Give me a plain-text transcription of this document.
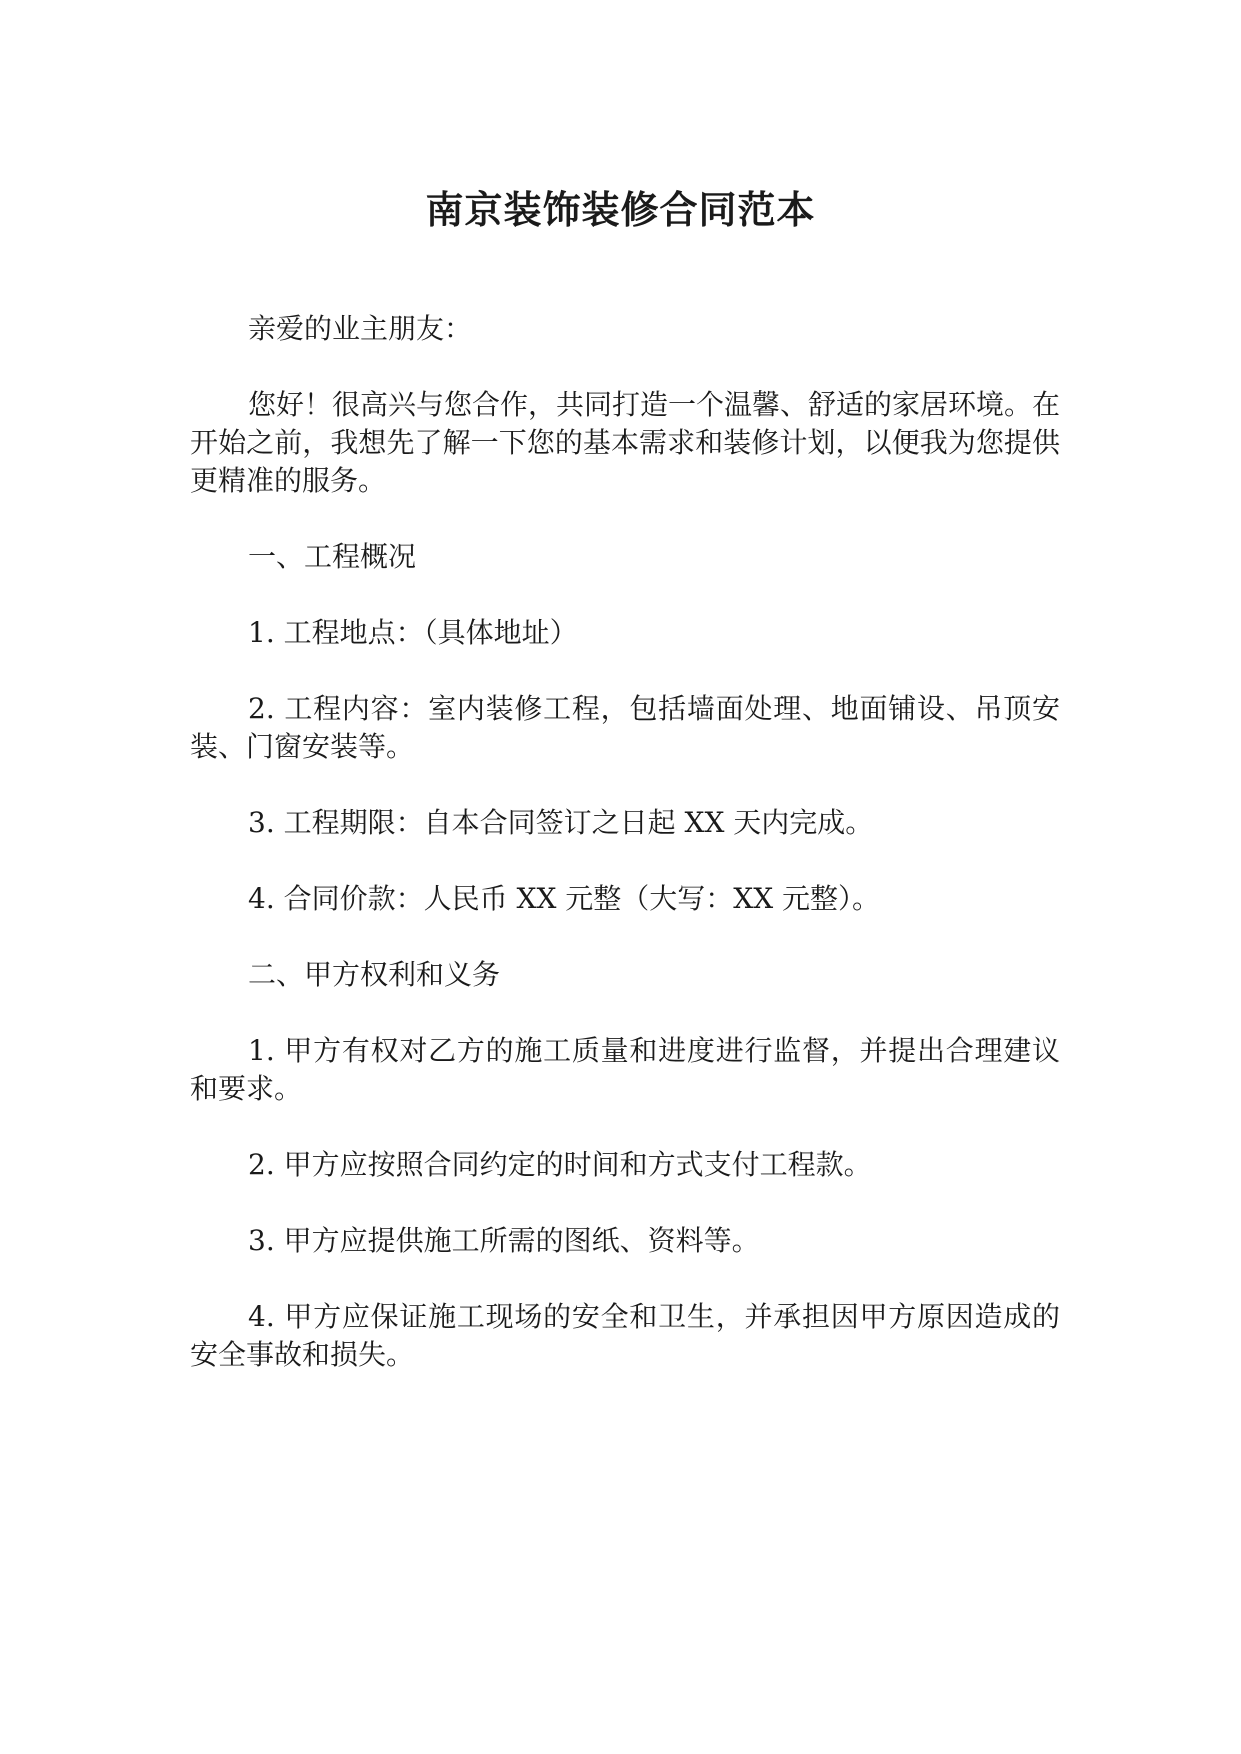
南京装饰装修合同范本

亲爱的业主朋友：

您好！很高兴与您合作，共同打造一个温馨、舒适的家居环境。在开始之前，我想先了解一下您的基本需求和装修计划，以便我为您提供更精准的服务。

一、工程概况

1. 工程地点：（具体地址）

2. 工程内容：室内装修工程，包括墙面处理、地面铺设、吊顶安装、门窗安装等。

3. 工程期限：自本合同签订之日起 XX 天内完成。

4. 合同价款：人民币 XX 元整（大写：XX 元整）。

二、甲方权利和义务

1. 甲方有权对乙方的施工质量和进度进行监督，并提出合理建议和要求。

2. 甲方应按照合同约定的时间和方式支付工程款。

3. 甲方应提供施工所需的图纸、资料等。

4. 甲方应保证施工现场的安全和卫生，并承担因甲方原因造成的安全事故和损失。
